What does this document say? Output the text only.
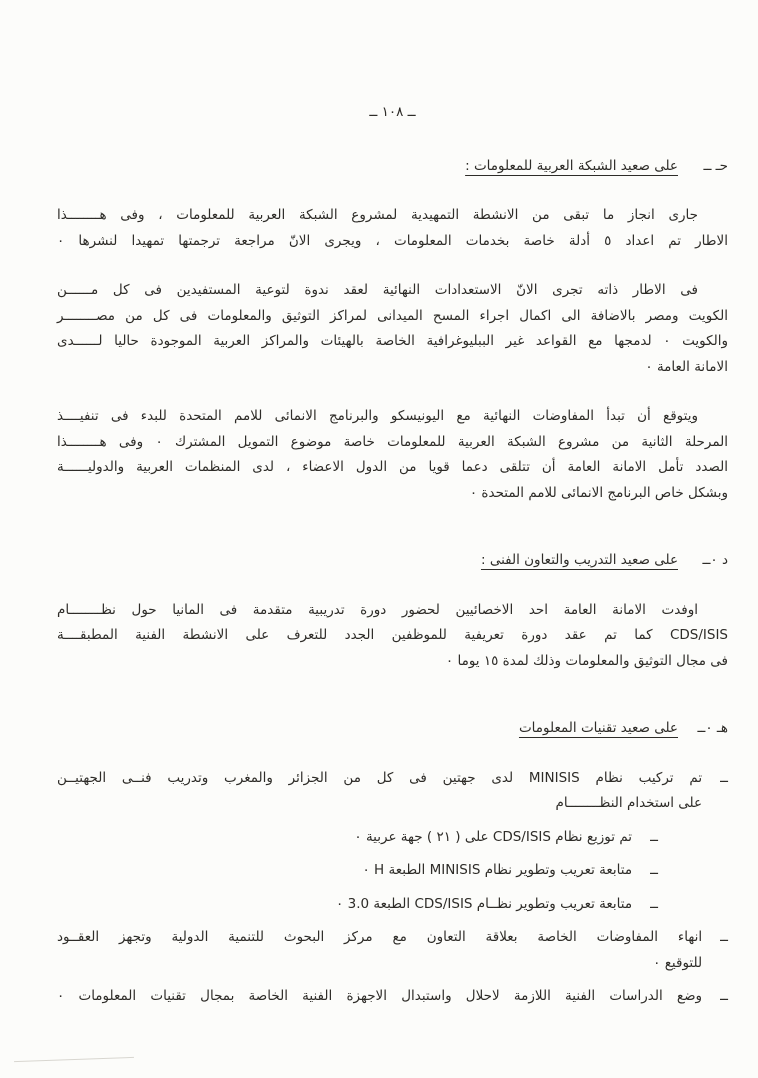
ــ ١٠٨ ــ
حـ ــ
على صعيد الشبكة العربية للمعلومات :
جارى انجاز ما تبقى من الانشطة التمهيدية لمشروع الشبكة العربية للمعلومات ، وفى هــــــــذا
الاطار تم اعداد ٥ أدلة خاصة بخدمات المعلومات ، ويجرى الانّ مراجعة ترجمتها تمهيدا لنشرها ٠
فى الاطار ذاته تجرى الانّ الاستعدادات النهائية لعقد ندوة لتوعية المستفيدين فى كل مــــــن
الكويت ومصر بالاضافة الى اكمال اجراء المسح الميدانى لمراكز التوثيق والمعلومات فى كل من مصــــــــر
والكويت ٠ لدمجها مع القواعد غير الببليوغرافية الخاصة بالهيئات والمراكز العربية الموجودة حاليا لــــــدى
الامانة العامة ٠
ويتوقع أن تبدأ المفاوضات النهائية مع اليونيسكو والبرنامج الانمائى للامم المتحدة للبدء فى تنفيــــذ
المرحلة الثانية من مشروع الشبكة العربية للمعلومات خاصة موضوع التمويل المشترك ٠ وفى هــــــــذا
الصدد تأمل الامانة العامة أن تتلقى دعما قويا من الدول الاعضاء ، لدى المنظمات العربية والدوليــــــة
وبشكل خاص البرنامج الانمائى للامم المتحدة ٠
د ٠ــ
على صعيد التدريب والتعاون الفنى :
اوفدت الامانة العامة احد الاخصائيين لحضور دورة تدريبية متقدمة فى المانيا حول نظــــــــام
CDS/ISIS كما تم عقد دورة تعريفية للموظفين الجدد للتعرف على الانشطة الفنية المطبقــــة
فى مجال التوثيق والمعلومات وذلك لمدة ١٥ يوما ٠
هـ ٠ــ
على صعيد تقنيات المعلومات
ــ
تم تركيب نظام MINISIS لدى جهتين فى كل من الجزائر والمغرب وتدريب فنــى الجهتيــن
على استخدام النظــــــــام
ــ
تم توزيع نظام CDS/ISIS على ( ٢١ ) جهة عربية ٠
ــ
متابعة تعريب وتطوير نظام MINISIS الطبعة H ٠
ــ
متابعة تعريب وتطوير نظــام CDS/ISIS الطبعة 3.0 ٠
ــ
انهاء المفاوضات الخاصة بعلاقة التعاون مع مركز البحوث للتنمية الدولية وتجهز العقــود
للتوقيع ٠
ــ
وضع الدراسات الفنية اللازمة لاحلال واستبدال الاجهزة الفنية الخاصة بمجال تقنيات المعلومات ٠
